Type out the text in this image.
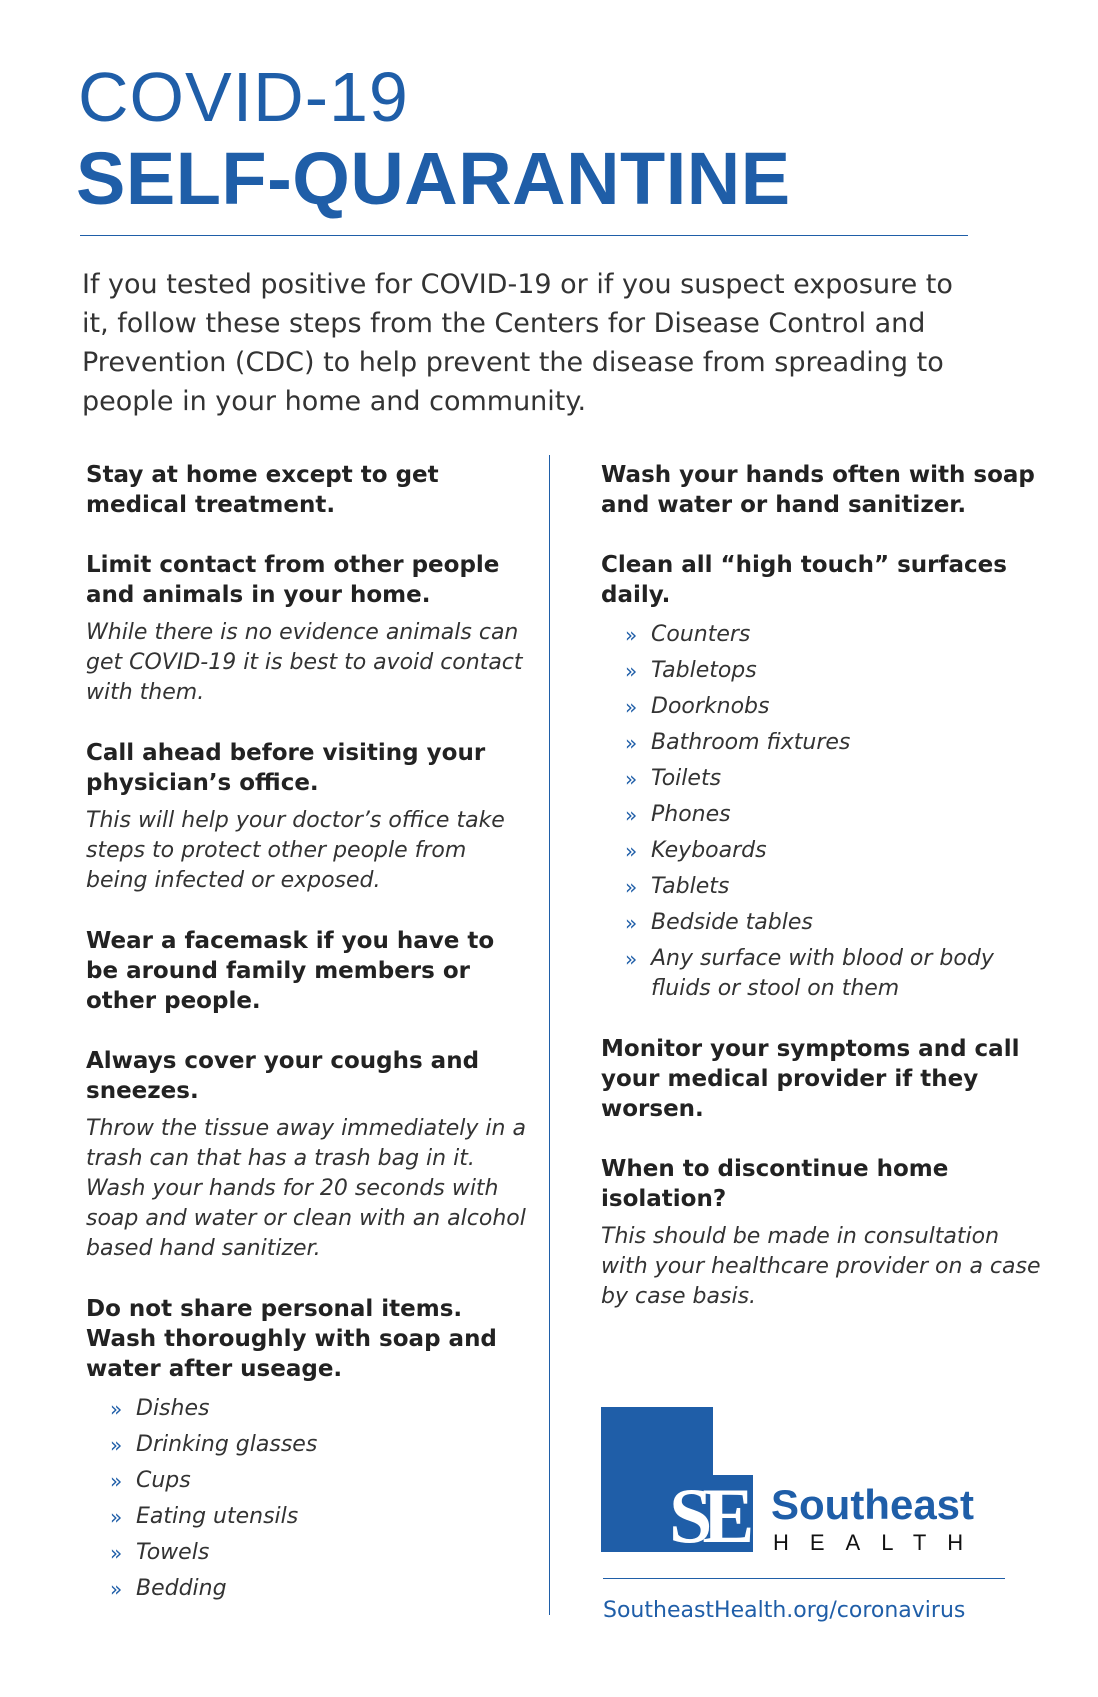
COVID-19
SELF-QUARANTINE

If you tested positive for COVID-19 or if you suspect exposure to it, follow these steps from the Centers for Disease Control and Prevention (CDC) to help prevent the disease from spreading to people in your home and community.

Stay at home except to get medical treatment.

Limit contact from other people and animals in your home.

While there is no evidence animals can get COVID-19 it is best to avoid contact with them.

Call ahead before visiting your physician’s office.

This will help your doctor’s office take steps to protect other people from being infected or exposed.

Wear a facemask if you have to be around family members or other people.

Always cover your coughs and sneezes.

Throw the tissue away immediately in a trash can that has a trash bag in it. Wash your hands for 20 seconds with soap and water or clean with an alcohol based hand sanitizer.

Do not share personal items. Wash thoroughly with soap and water after useage.

» Dishes
» Drinking glasses
» Cups
» Eating utensils
» Towels
» Bedding

Wash your hands often with soap and water or hand sanitizer.

Clean all “high touch” surfaces daily.

» Counters
» Tabletops
» Doorknobs
» Bathroom fixtures
» Toilets
» Phones
» Keyboards
» Tablets
» Bedside tables
» Any surface with blood or body fluids or stool on them

Monitor your symptoms and call your medical provider if they worsen.

When to discontinue home isolation?

This should be made in consultation with your healthcare provider on a case by case basis.

SE Southeast
HEALTH
SoutheastHealth.org/coronavirus
